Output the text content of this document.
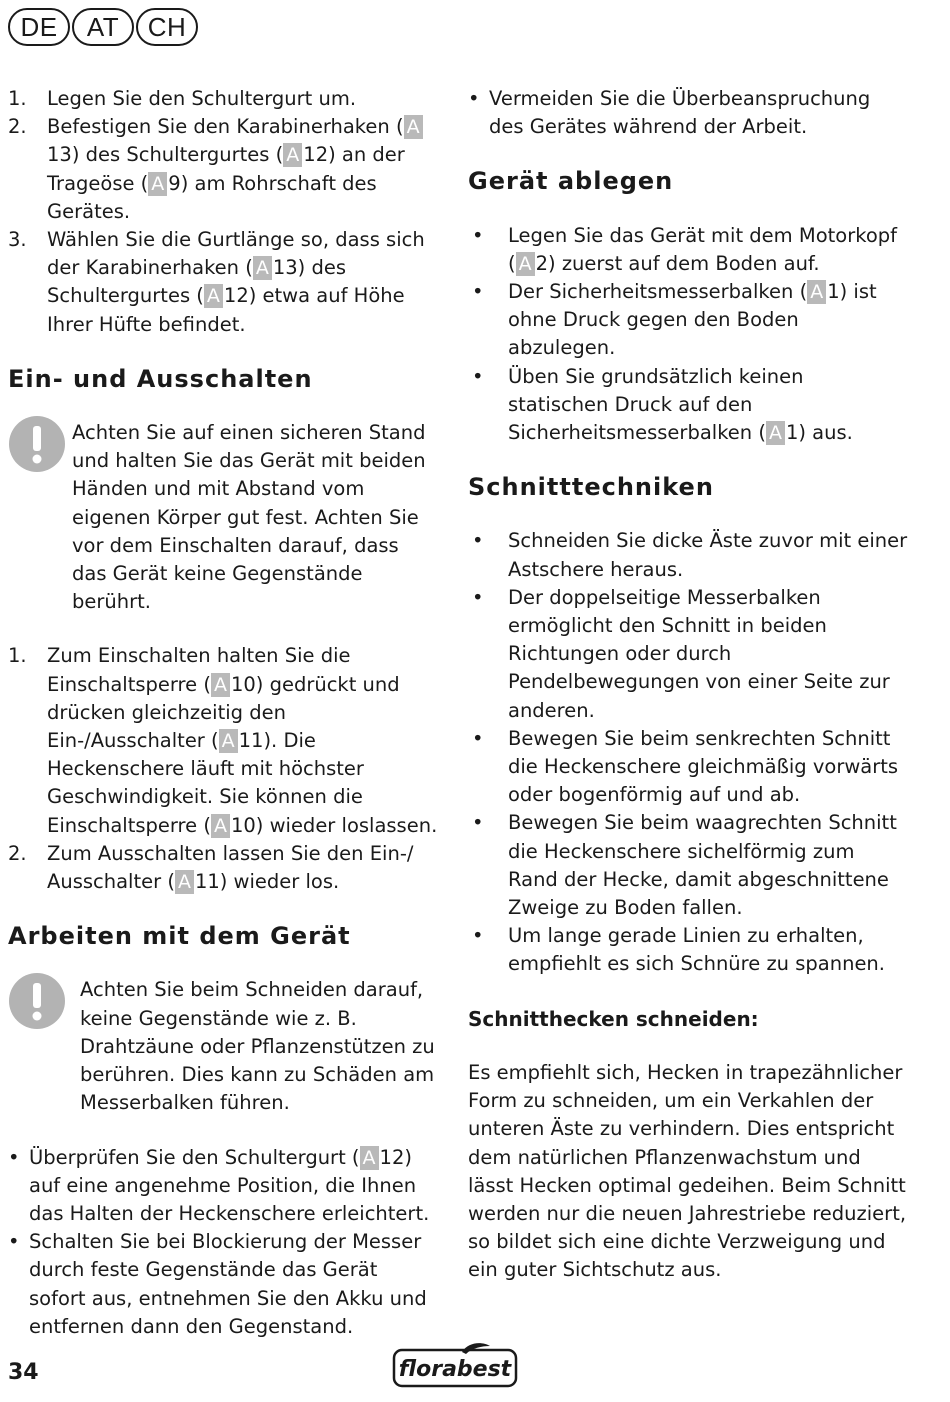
DE	AT	CH
1. Legen Sie den Schultergurt um.
2. Befestigen Sie den Karabinerhaken ( A13) des Schultergurtes ( A 12) an der Trageöse ( A 9) am Rohrschaft des Gerätes.
3. Wählen Sie die Gurtlänge so, dass sich der Karabinerhaken ( A 13) des Schultergurtes ( A 12) etwa auf Höhe Ihrer Hüfte befindet.
Ein- und Ausschalten
Achten Sie auf einen sicheren Stand und halten Sie das Gerät mit beiden Händen und mit Abstand vom eigenen Körper gut fest. Achten Sie vor dem Einschalten darauf, dass das Gerät keine Gegenstände berührt.
1. Zum Einschalten halten Sie die Einschaltsperre ( A 10) gedrückt und drücken gleichzeitig den Ein-/Ausschalter ( A 11). Die Heckenschere läuft mit höchster Geschwindigkeit. Sie können die Einschaltsperre ( A 10) wieder loslassen.
2. Zum Ausschalten lassen Sie den Ein-/ Ausschalter ( A 11) wieder los.
Arbeiten mit dem Gerät
Achten Sie beim Schneiden darauf, keine Gegenstände wie z. B. Drahtzäune oder Pflanzenstützen zu berühren. Dies kann zu Schäden am Messerbalken führen.
• Überprüfen Sie den Schultergurt ( A 12) auf eine angenehme Position, die Ihnen das Halten der Heckenschere erleichtert.
• Schalten Sie bei Blockierung der Messer durch feste Gegenstände das Gerät sofort aus, entnehmen Sie den Akku und entfernen dann den Gegenstand.
• Vermeiden Sie die Überbeanspruchung des Gerätes während der Arbeit.
Gerät ablegen
• Legen Sie das Gerät mit dem Motorkopf ( A 2) zuerst auf dem Boden auf.
• Der Sicherheitsmesserbalken ( A 1) ist ohne Druck gegen den Boden abzulegen.
• Üben Sie grundsätzlich keinen statischen Druck auf den Sicherheitsmesserbalken ( A 1) aus.
Schnitttechniken
• Schneiden Sie dicke Äste zuvor mit einer Astschere heraus.
• Der doppelseitige Messerbalken ermöglicht den Schnitt in beiden Richtungen oder durch Pendelbewegungen von einer Seite zur anderen.
• Bewegen Sie beim senkrechten Schnitt die Heckenschere gleichmäßig vorwärts oder bogenförmig auf und ab.
• Bewegen Sie beim waagrechten Schnitt die Heckenschere sichelförmig zum Rand der Hecke, damit abgeschnittene Zweige zu Boden fallen.
• Um lange gerade Linien zu erhalten, empfiehlt es sich Schnüre zu spannen.
Schnitthecken schneiden:
Es empfiehlt sich, Hecken in trapezähnlicher Form zu schneiden, um ein Verkahlen der unteren Äste zu verhindern. Dies entspricht dem natürlichen Pflanzenwachstum und lässt Hecken optimal gedeihen. Beim Schnitt werden nur die neuen Jahrestriebe reduziert, so bildet sich eine dichte Verzweigung und ein guter Sichtschutz aus.
34	florabest
